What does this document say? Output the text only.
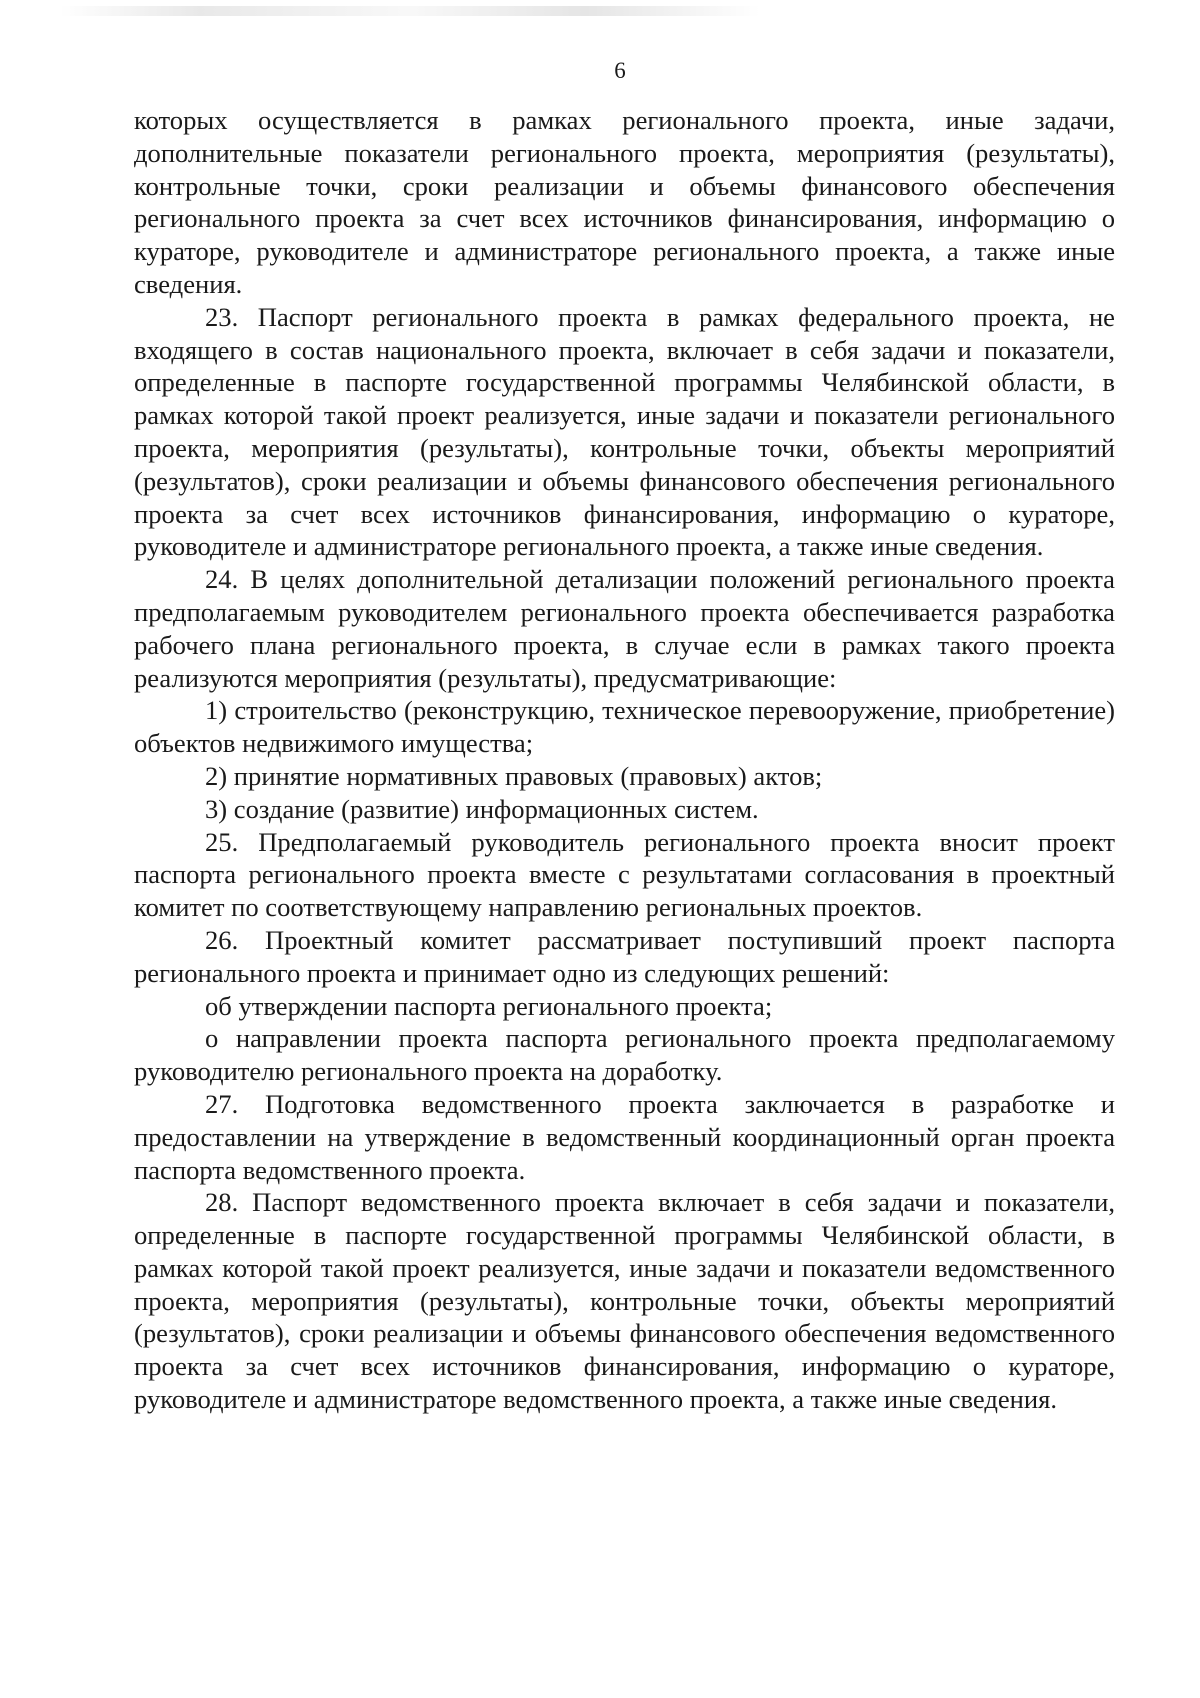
6

которых осуществляется в рамках регионального проекта, иные задачи, дополнительные показатели регионального проекта, мероприятия (результаты), контрольные точки, сроки реализации и объемы финансового обеспечения регионального проекта за счет всех источников финансирования, информацию о кураторе, руководителе и администраторе регионального проекта, а также иные сведения.

23. Паспорт регионального проекта в рамках федерального проекта, не входящего в состав национального проекта, включает в себя задачи и показатели, определенные в паспорте государственной программы Челябинской области, в рамках которой такой проект реализуется, иные задачи и показатели регионального проекта, мероприятия (результаты), контрольные точки, объекты мероприятий (результатов), сроки реализации и объемы финансового обеспечения регионального проекта за счет всех источников финансирования, информацию о кураторе, руководителе и администраторе регионального проекта, а также иные сведения.

24. В целях дополнительной детализации положений регионального проекта предполагаемым руководителем регионального проекта обеспечивается разработка рабочего плана регионального проекта, в случае если в рамках такого проекта реализуются мероприятия (результаты), предусматривающие:

1) строительство (реконструкцию, техническое перевооружение, приобретение) объектов недвижимого имущества;

2) принятие нормативных правовых (правовых) актов;

3) создание (развитие) информационных систем.

25. Предполагаемый руководитель регионального проекта вносит проект паспорта регионального проекта вместе с результатами согласования в проектный комитет по соответствующему направлению региональных проектов.

26. Проектный комитет рассматривает поступивший проект паспорта регионального проекта и принимает одно из следующих решений:

об утверждении паспорта регионального проекта;

о направлении проекта паспорта регионального проекта предполагаемому руководителю регионального проекта на доработку.

27. Подготовка ведомственного проекта заключается в разработке и предоставлении на утверждение в ведомственный координационный орган проекта паспорта ведомственного проекта.

28. Паспорт ведомственного проекта включает в себя задачи и показатели, определенные в паспорте государственной программы Челябинской области, в рамках которой такой проект реализуется, иные задачи и показатели ведомственного проекта, мероприятия (результаты), контрольные точки, объекты мероприятий (результатов), сроки реализации и объемы финансового обеспечения ведомственного проекта за счет всех источников финансирования, информацию о кураторе, руководителе и администраторе ведомственного проекта, а также иные сведения.
